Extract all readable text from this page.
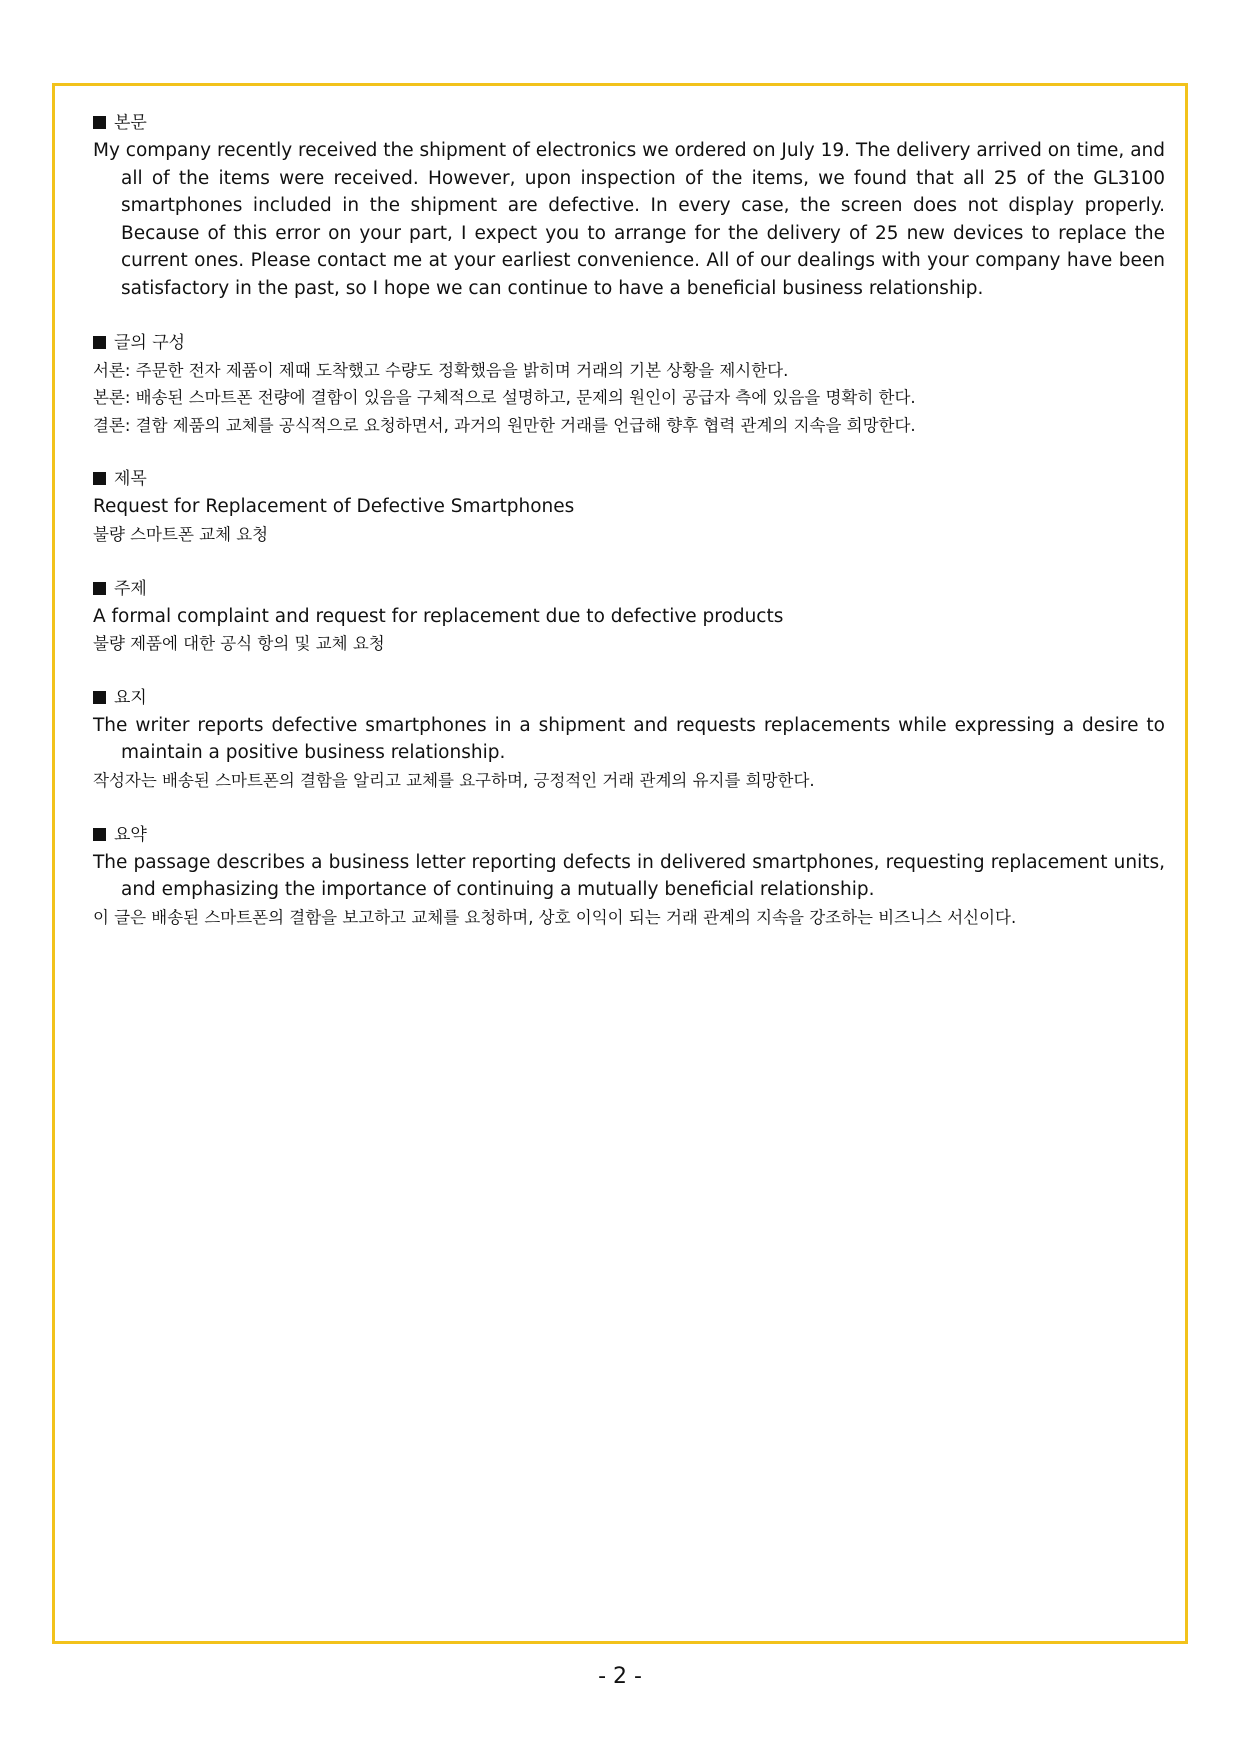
본문

My company recently received the shipment of electronics we ordered on July 19. The delivery arrived on time, and all of the items were received. However, upon inspection of the items, we found that all 25 of the GL3100 smartphones included in the shipment are defective. In every case, the screen does not display properly. Because of this error on your part, I expect you to arrange for the delivery of 25 new devices to replace the current ones. Please contact me at your earliest convenience. All of our dealings with your company have been satisfactory in the past, so I hope we can continue to have a beneficial business relationship.

글의 구성

서론: 주문한 전자 제품이 제때 도착했고 수량도 정확했음을 밝히며 거래의 기본 상황을 제시한다.

본론: 배송된 스마트폰 전량에 결함이 있음을 구체적으로 설명하고, 문제의 원인이 공급자 측에 있음을 명확히 한다.

결론: 결함 제품의 교체를 공식적으로 요청하면서, 과거의 원만한 거래를 언급해 향후 협력 관계의 지속을 희망한다.

제목

Request for Replacement of Defective Smartphones

불량 스마트폰 교체 요청

주제

A formal complaint and request for replacement due to defective products

불량 제품에 대한 공식 항의 및 교체 요청

요지

The writer reports defective smartphones in a shipment and requests replacements while expressing a desire to maintain a positive business relationship.

작성자는 배송된 스마트폰의 결함을 알리고 교체를 요구하며, 긍정적인 거래 관계의 유지를 희망한다.

요약

The passage describes a business letter reporting defects in delivered smartphones, requesting replacement units, and emphasizing the importance of continuing a mutually beneficial relationship.

이 글은 배송된 스마트폰의 결함을 보고하고 교체를 요청하며, 상호 이익이 되는 거래 관계의 지속을 강조하는 비즈니스 서신이다.

- 2 -
